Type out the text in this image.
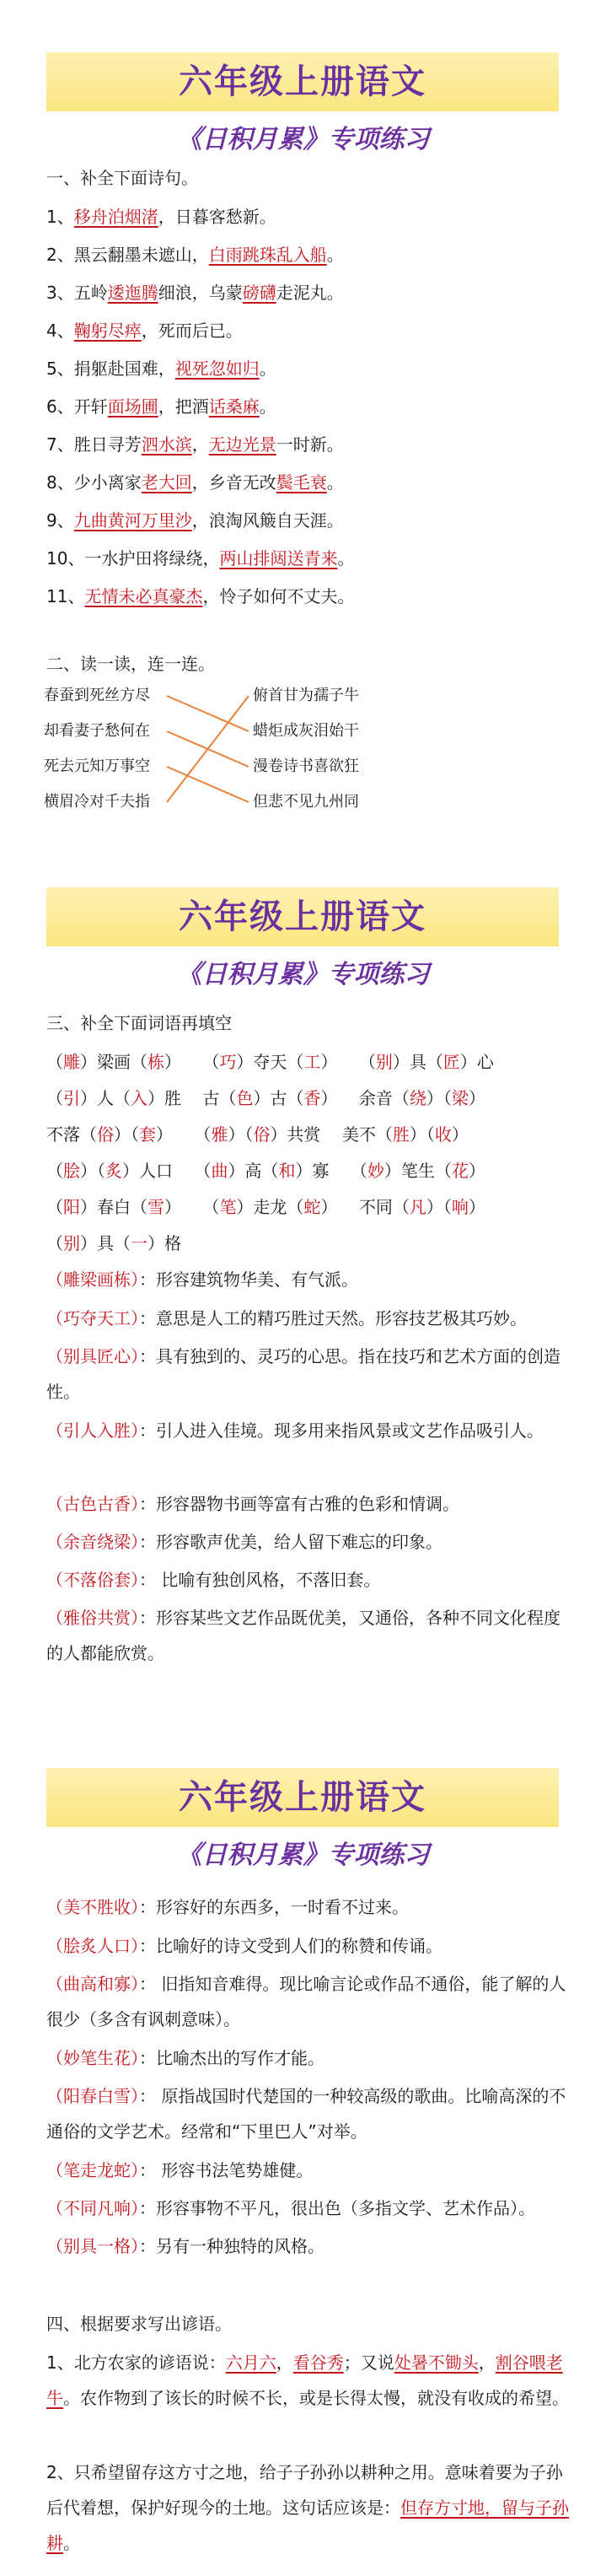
六年级上册语文
《日积月累》专项练习
一、补全下面诗句。
1、移舟泊烟渚，日暮客愁新。
2、黑云翻墨未遮山，白雨跳珠乱入船。
3、五岭逶迤腾细浪，乌蒙磅礴走泥丸。
4、鞠躬尽瘁，死而后已。
5、捐躯赴国难，视死忽如归。
6、开轩面场圃，把酒话桑麻。
7、胜日寻芳泗水滨，无边光景一时新。
8、少小离家老大回，乡音无改鬓毛衰。
9、九曲黄河万里沙，浪淘风簸自天涯。
10、一水护田将绿绕，两山排闼送青来。
11、无情未必真豪杰，怜子如何不丈夫。
二、读一读，连一连。
春蚕到死丝方尽
却看妻子愁何在
死去元知万事空
横眉冷对千夫指
俯首甘为孺子牛
蜡炬成灰泪始干
漫卷诗书喜欲狂
但悲不见九州同
六年级上册语文
《日积月累》专项练习
三、补全下面词语再填空
（雕）梁画（栋）    （巧）夺天（工）    （别）具（匠）心
（引）人（入）胜    古（色）古（香）    余音（绕）（梁）
不落（俗）（套）    （雅）（俗）共赏    美不（胜）（收）
（脍）（炙）人口    （曲）高（和）寡    （妙）笔生（花）
（阳）春白（雪）    （笔）走龙（蛇）    不同（凡）（响）
（别）具（一）格
（雕梁画栋）：形容建筑物华美、有气派。
（巧夺天工）：意思是人工的精巧胜过天然。形容技艺极其巧妙。
（别具匠心）：具有独到的、灵巧的心思。指在技巧和艺术方面的创造性。
（引人入胜）：引人进入佳境。现多用来指风景或文艺作品吸引人。
（古色古香）：形容器物书画等富有古雅的色彩和情调。
（余音绕梁）：形容歌声优美，给人留下难忘的印象。
（不落俗套）： 比喻有独创风格，不落旧套。
（雅俗共赏）：形容某些文艺作品既优美，又通俗，各种不同文化程度的人都能欣赏。
六年级上册语文
《日积月累》专项练习
（美不胜收）：形容好的东西多，一时看不过来。
（脍炙人口）：比喻好的诗文受到人们的称赞和传诵。
（曲高和寡）： 旧指知音难得。现比喻言论或作品不通俗，能了解的人很少（多含有讽刺意味）。
（妙笔生花）：比喻杰出的写作才能。
（阳春白雪）： 原指战国时代楚国的一种较高级的歌曲。比喻高深的不通俗的文学艺术。经常和“下里巴人”对举。
（笔走龙蛇）： 形容书法笔势雄健。
（不同凡响）：形容事物不平凡，很出色（多指文学、艺术作品）。
（别具一格）：另有一种独特的风格。
四、根据要求写出谚语。
1、北方农家的谚语说：六月六，看谷秀；又说处暑不锄头，割谷喂老牛。农作物到了该长的时候不长，或是长得太慢，就没有收成的希望。
2、只希望留存这方寸之地，给子子孙孙以耕种之用。意味着要为子孙后代着想，保护好现今的土地。这句话应该是：但存方寸地，留与子孙耕。
